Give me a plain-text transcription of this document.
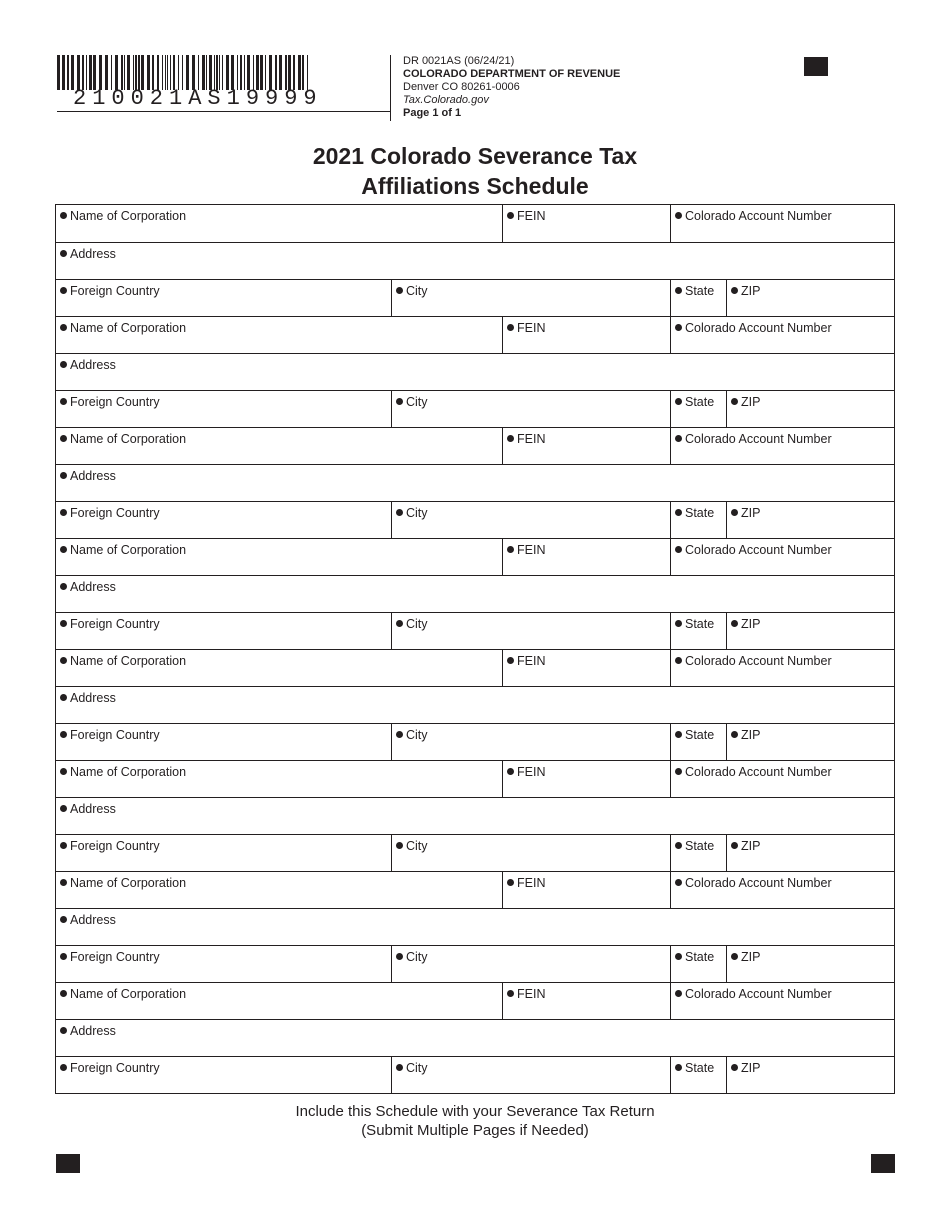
210021AS19999
DR 0021AS (06/24/21)
COLORADO DEPARTMENT OF REVENUE
Denver CO 80261-0006
Tax.Colorado.gov
Page 1 of 1
2021 Colorado Severance Tax
Affiliations Schedule
Name of Corporation	FEIN	Colorado Account Number
Address
Foreign Country	City	State	ZIP
Name of Corporation	FEIN	Colorado Account Number
Address
Foreign Country	City	State	ZIP
Name of Corporation	FEIN	Colorado Account Number
Address
Foreign Country	City	State	ZIP
Name of Corporation	FEIN	Colorado Account Number
Address
Foreign Country	City	State	ZIP
Name of Corporation	FEIN	Colorado Account Number
Address
Foreign Country	City	State	ZIP
Name of Corporation	FEIN	Colorado Account Number
Address
Foreign Country	City	State	ZIP
Name of Corporation	FEIN	Colorado Account Number
Address
Foreign Country	City	State	ZIP
Name of Corporation	FEIN	Colorado Account Number
Address
Foreign Country	City	State	ZIP
Include this Schedule with your Severance Tax Return
(Submit Multiple Pages if Needed)
